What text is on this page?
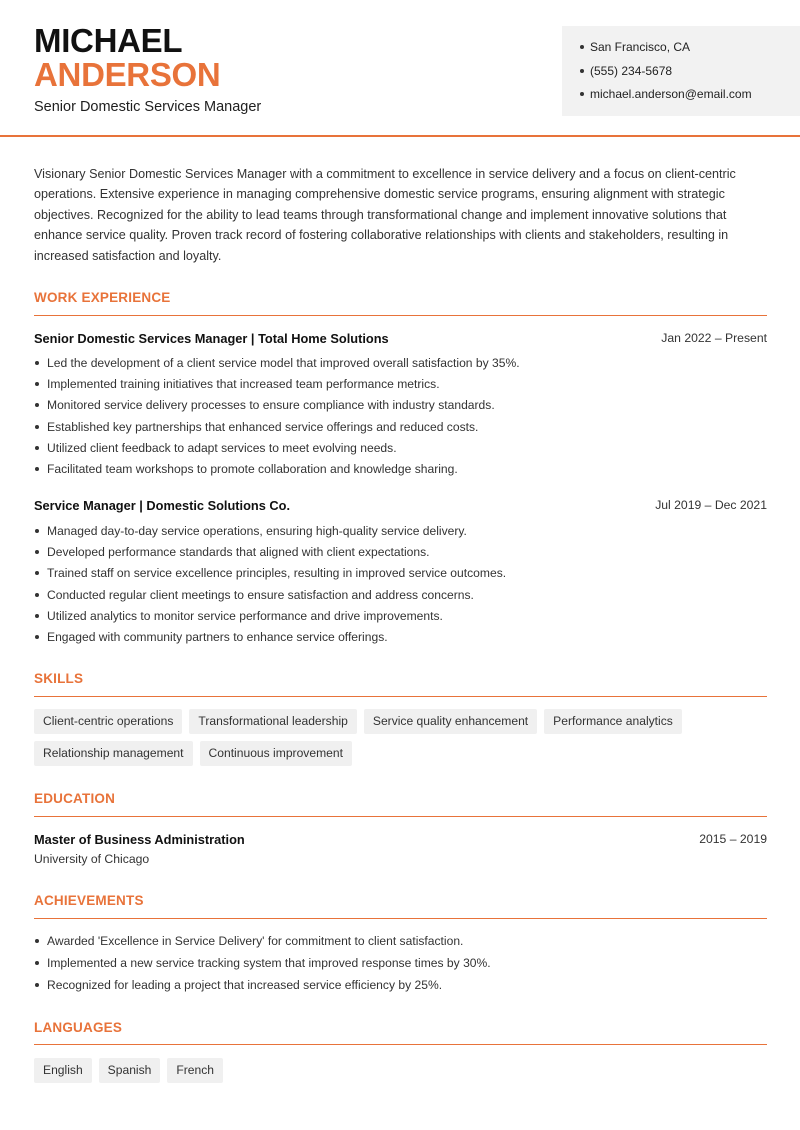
MICHAEL
ANDERSON
Senior Domestic Services Manager
San Francisco, CA
(555) 234-5678
michael.anderson@email.com

Visionary Senior Domestic Services Manager with a commitment to excellence in service delivery and a focus on client-centric operations. Extensive experience in managing comprehensive domestic service programs, ensuring alignment with strategic objectives. Recognized for the ability to lead teams through transformational change and implement innovative solutions that enhance service quality. Proven track record of fostering collaborative relationships with clients and stakeholders, resulting in increased satisfaction and loyalty.

WORK EXPERIENCE
Senior Domestic Services Manager | Total Home Solutions	Jan 2022 – Present
Led the development of a client service model that improved overall satisfaction by 35%.
Implemented training initiatives that increased team performance metrics.
Monitored service delivery processes to ensure compliance with industry standards.
Established key partnerships that enhanced service offerings and reduced costs.
Utilized client feedback to adapt services to meet evolving needs.
Facilitated team workshops to promote collaboration and knowledge sharing.
Service Manager | Domestic Solutions Co.	Jul 2019 – Dec 2021
Managed day-to-day service operations, ensuring high-quality service delivery.
Developed performance standards that aligned with client expectations.
Trained staff on service excellence principles, resulting in improved service outcomes.
Conducted regular client meetings to ensure satisfaction and address concerns.
Utilized analytics to monitor service performance and drive improvements.
Engaged with community partners to enhance service offerings.
SKILLS
Client-centric operations	Transformational leadership	Service quality enhancement	Performance analytics
Relationship management	Continuous improvement
EDUCATION
Master of Business Administration	2015 – 2019
University of Chicago
ACHIEVEMENTS
Awarded 'Excellence in Service Delivery' for commitment to client satisfaction.
Implemented a new service tracking system that improved response times by 30%.
Recognized for leading a project that increased service efficiency by 25%.
LANGUAGES
English	Spanish	French
